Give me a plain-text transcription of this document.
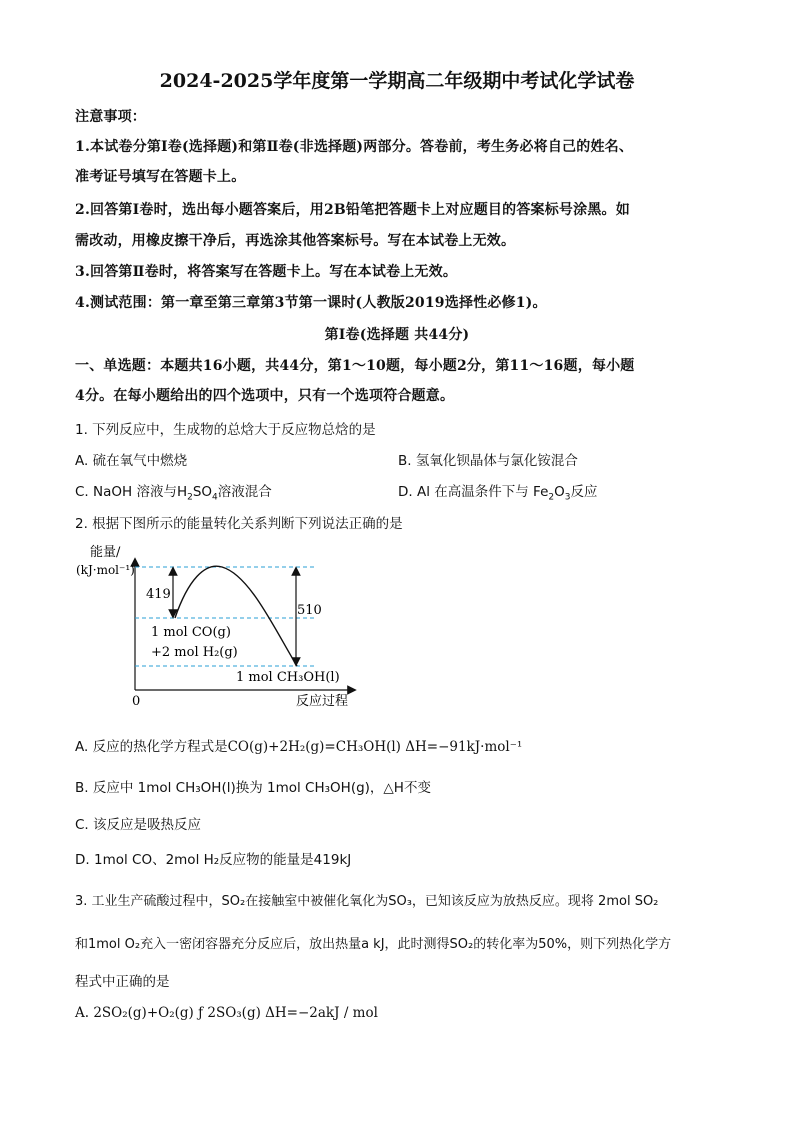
2024-2025学年度第一学期高二年级期中考试化学试卷
注意事项：
1.本试卷分第Ⅰ卷(选择题)和第Ⅱ卷(非选择题)两部分。答卷前，考生务必将自己的姓名、
准考证号填写在答题卡上。
2.回答第Ⅰ卷时，选出每小题答案后，用2B铅笔把答题卡上对应题目的答案标号涂黑。如
需改动，用橡皮擦干净后，再选涂其他答案标号。写在本试卷上无效。
3.回答第Ⅱ卷时，将答案写在答题卡上。写在本试卷上无效。
4.测试范围：第一章至第三章第3节第一课时(人教版2019选择性必修1)。
第Ⅰ卷(选择题 共44分)
一、单选题：本题共16小题，共44分，第1～10题，每小题2分，第11～16题，每小题
4分。在每小题给出的四个选项中，只有一个选项符合题意。
1. 下列反应中，生成物的总焓大于反应物总焓的是
A. 硫在氧气中燃烧	B. 氢氧化钡晶体与氯化铵混合
C. NaOH 溶液与$H_2SO_4$溶液混合	D. Al 在高温条件下与 $Fe_2O_3$反应
2. 根据下图所示的能量转化关系判断下列说法正确的是
能量/
(kJ·mol⁻¹)
419
510
1 mol CO(g)
+2 mol H₂(g)
1 mol CH₃OH(l)
0	反应过程
A. 反应的热化学方程式是CO(g)+2H₂(g)=CH₃OH(l) ΔH=−91kJ·mol⁻¹
B. 反应中 1mol CH₃OH(l)换为 1mol CH₃OH(g)，△H不变
C. 该反应是吸热反应
D. 1mol CO、2mol H₂反应物的能量是419kJ
3. 工业生产硫酸过程中，SO₂在接触室中被催化氧化为SO₃，已知该反应为放热反应。现将 2mol SO₂
和1mol O₂充入一密闭容器充分反应后，放出热量a kJ，此时测得SO₂的转化率为50%，则下列热化学方
程式中正确的是
A. 2SO₂(g)+O₂(g) ƒ 2SO₃(g) ΔH=−2akJ / mol
